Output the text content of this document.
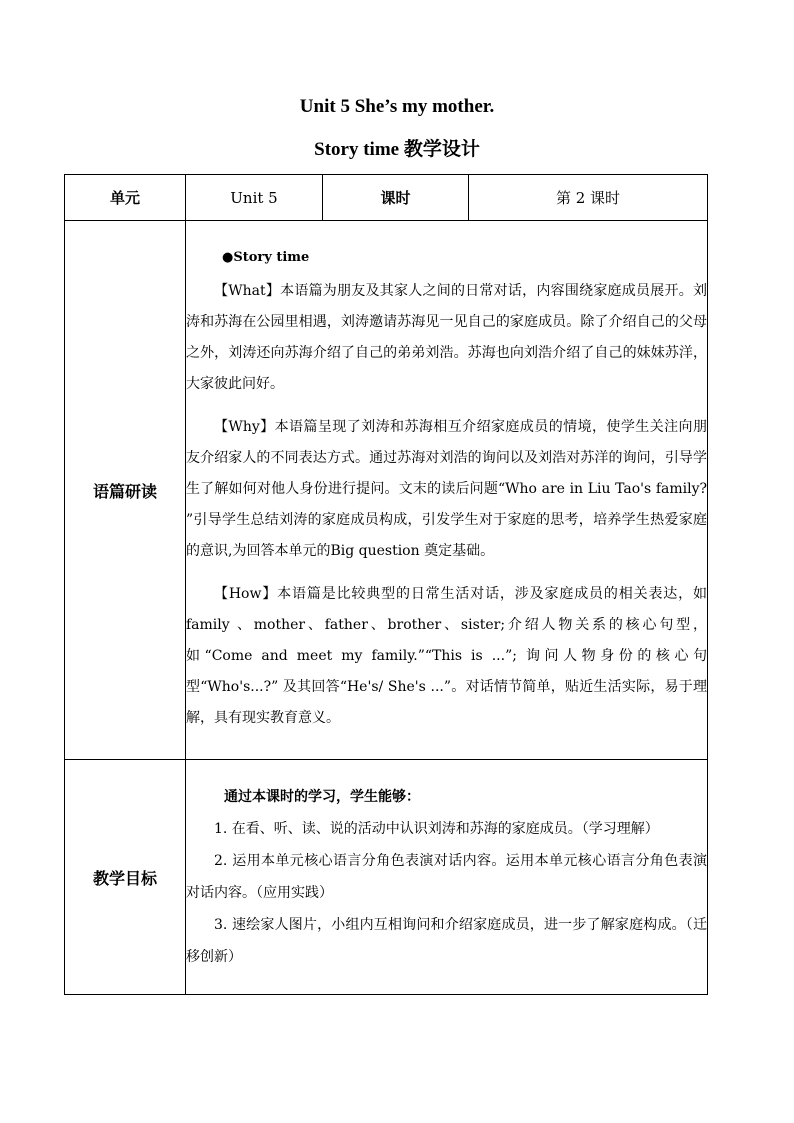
Unit 5 She’s my mother.
Story time 教学设计
单元	Unit 5	课时	第 2 课时
语篇研读	●Story time

【What】本语篇为朋友及其家人之间的日常对话，内容围绕家庭成员展开。刘涛和苏海在公园里相遇，刘涛邀请苏海见一见自己的家庭成员。除了介绍自己的父母之外，刘涛还向苏海介绍了自己的弟弟刘浩。苏海也向刘浩介绍了自己的妹妹苏洋，大家彼此问好。

【Why】本语篇呈现了刘涛和苏海相互介绍家庭成员的情境，使学生关注向朋友介绍家人的不同表达方式。通过苏海对刘浩的询问以及刘浩对苏洋的询问，引导学生了解如何对他人身份进行提问。文末的读后问题“Who are in Liu Tao's family? ”引导学生总结刘涛的家庭成员构成，引发学生对于家庭的思考，培养学生热爱家庭的意识,为回答本单元的Big question 奠定基础。

【How】本语篇是比较典型的日常生活对话，涉及家庭成员的相关表达，如 family 、mother、father、brother、sister;介绍人物关系的核心句型，如“Come and meet my family.”“This is ...”; 询问人物身份的核心句型“Who's...?” 及其回答“He's/ She's ...”。对话情节简单，贴近生活实际，易于理解，具有现实教育意义。		

教学目标	通过本课时的学习，学生能够：

1. 在看、听、读、说的活动中认识刘涛和苏海的家庭成员。（学习理解）

2. 运用本单元核心语言分角色表演对话内容。运用本单元核心语言分角色表演对话内容。（应用实践）

3. 速绘家人图片，小组内互相询问和介绍家庭成员，进一步了解家庭构成。（迁移创新）		
